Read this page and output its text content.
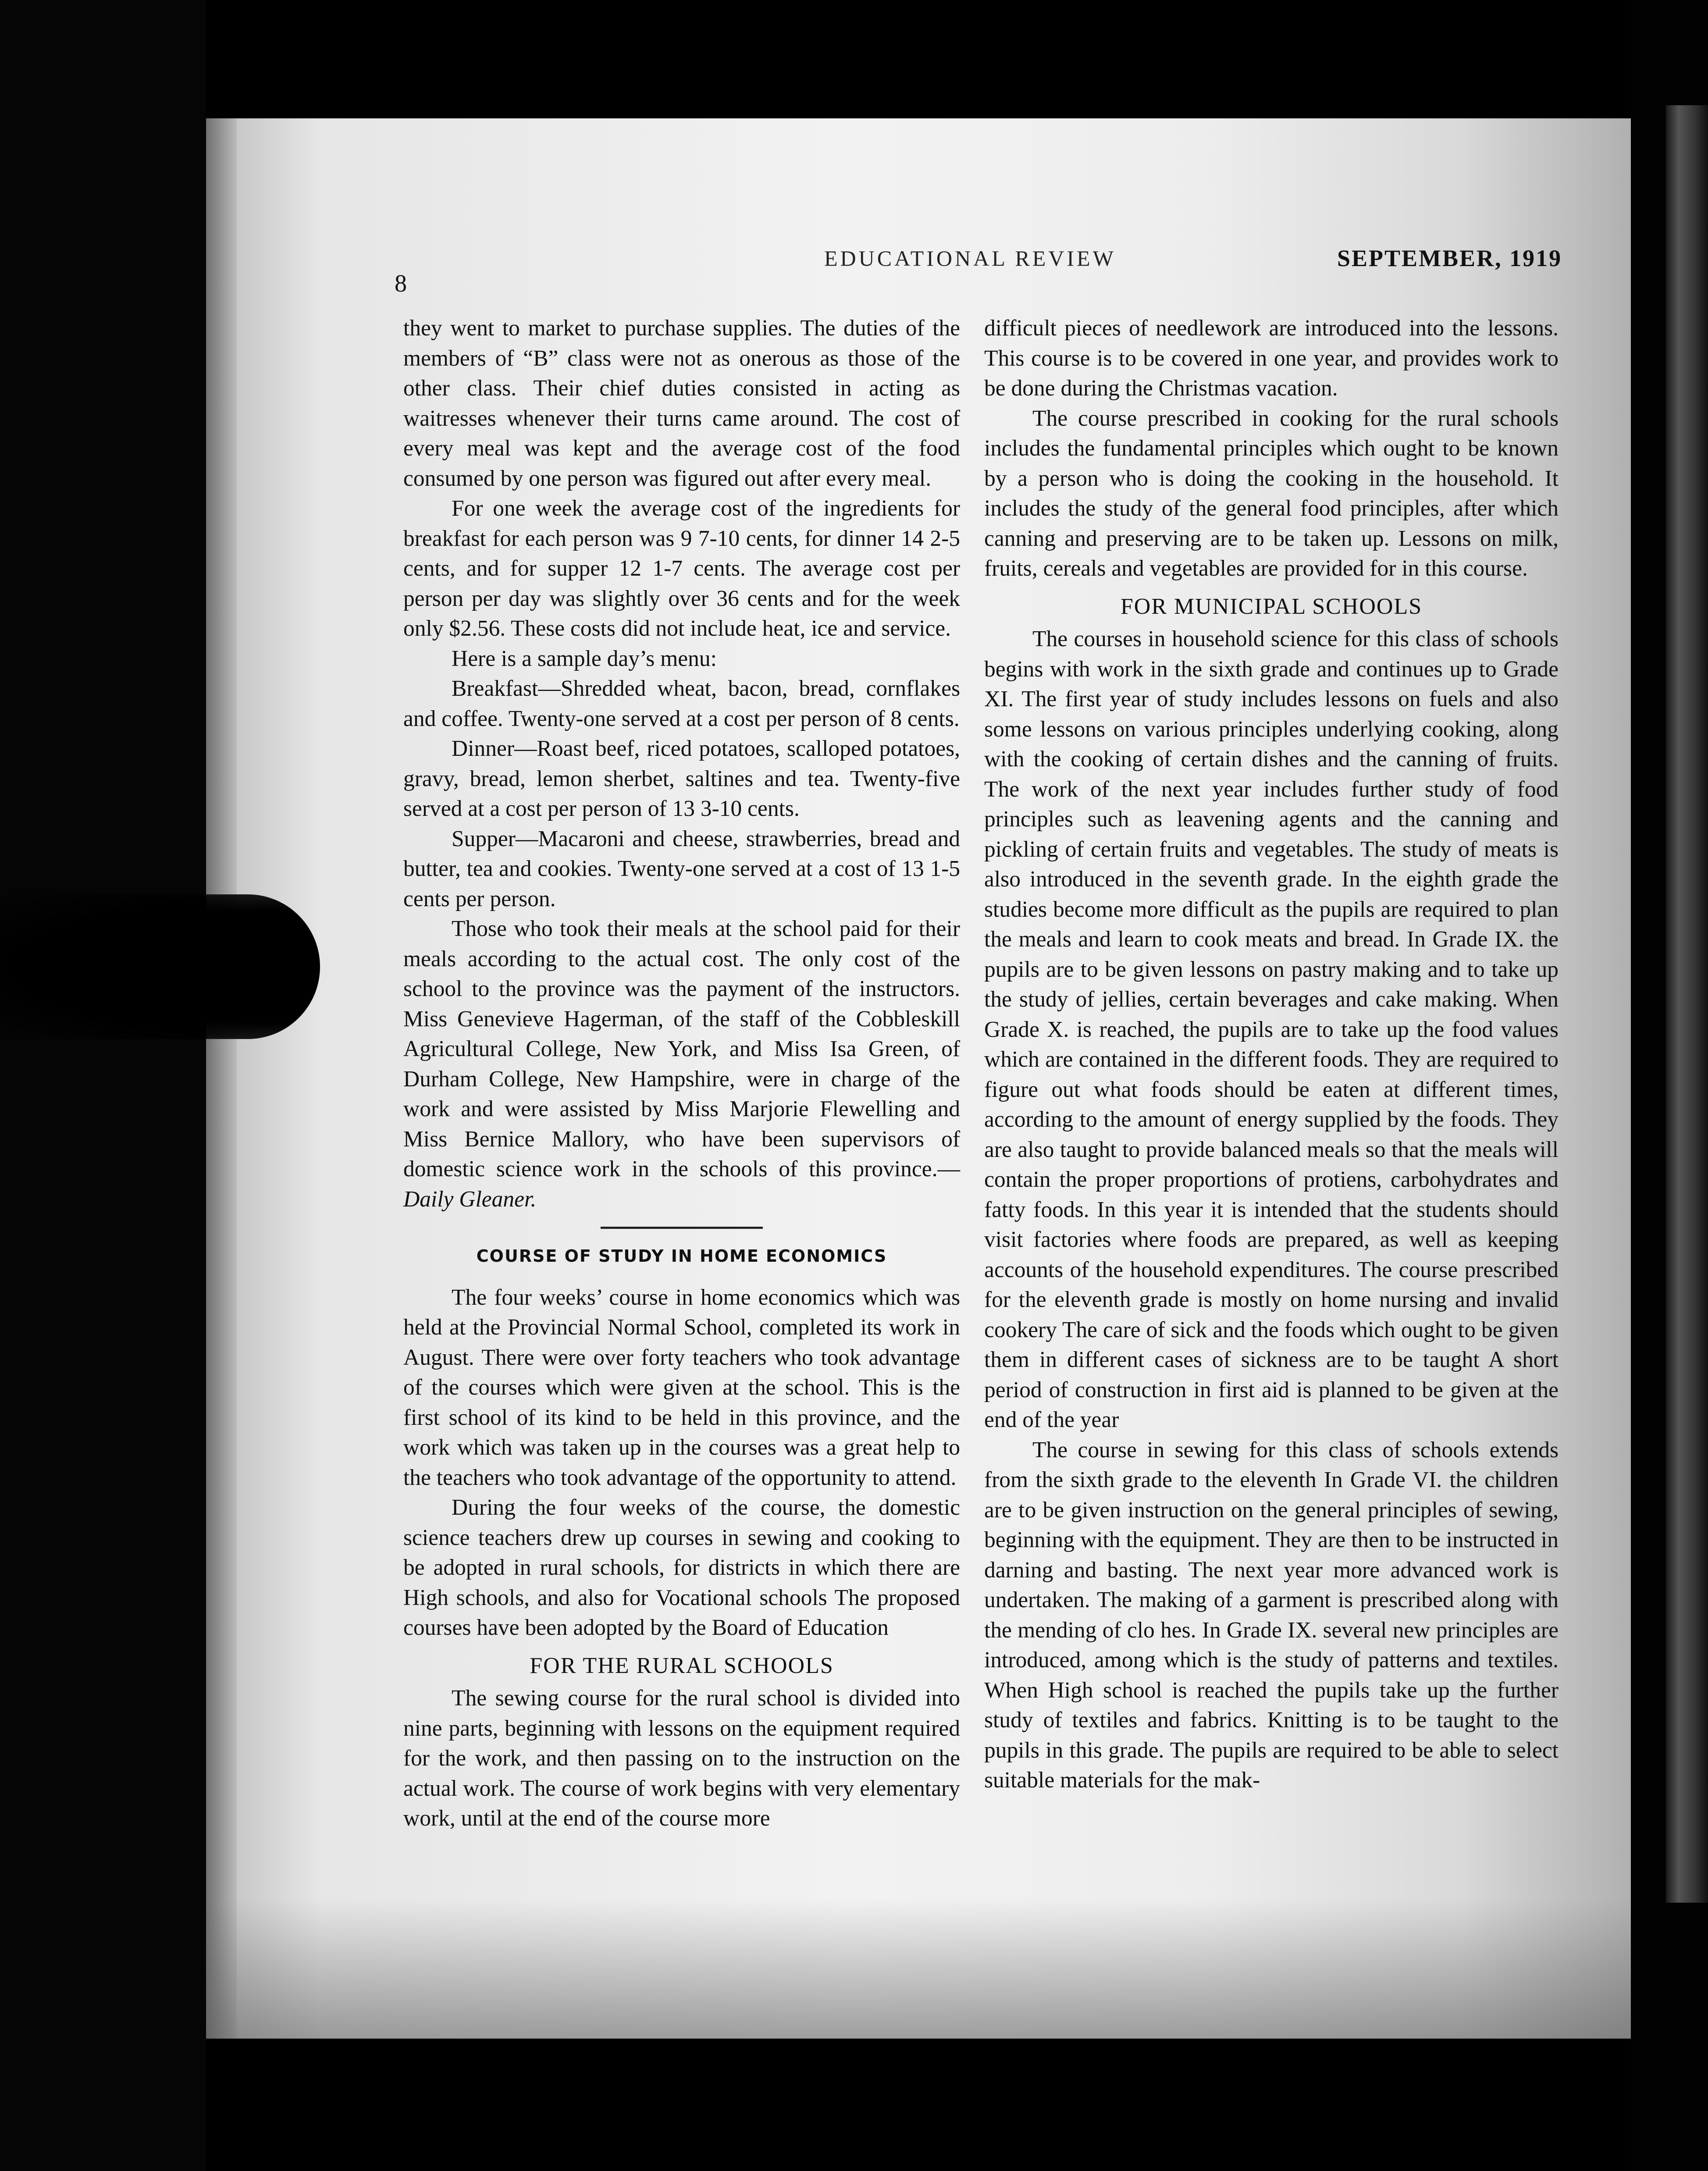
8
EDUCATIONAL REVIEW	SEPTEMBER, 1919

they went to market to purchase supplies. The duties of the members of “B” class were not as onerous as those of the other class. Their chief duties consisted in acting as waitresses whenever their turns came around. The cost of every meal was kept and the average cost of the food consumed by one person was figured out after every meal.

For one week the average cost of the ingredients for breakfast for each person was 9 7-10 cents, for dinner 14 2-5 cents, and for supper 12 1-7 cents. The average cost per person per day was slightly over 36 cents and for the week only $2.56. These costs did not include heat, ice and service.

Here is a sample day’s menu:

Breakfast—Shredded wheat, bacon, bread, cornflakes and coffee. Twenty-one served at a cost per person of 8 cents.

Dinner—Roast beef, riced potatoes, scalloped potatoes, gravy, bread, lemon sherbet, saltines and tea. Twenty-five served at a cost per person of 13 3-10 cents.

Supper—Macaroni and cheese, strawberries, bread and butter, tea and cookies. Twenty-one served at a cost of 13 1-5 cents per person.

Those who took their meals at the school paid for their meals according to the actual cost. The only cost of the school to the province was the payment of the instructors. Miss Genevieve Hagerman, of the staff of the Cobbleskill Agricultural College, New York, and Miss Isa Green, of Durham College, New Hampshire, were in charge of the work and were assisted by Miss Marjorie Flewelling and Miss Bernice Mallory, who have been supervisors of domestic science work in the schools of this province.—Daily Gleaner.

COURSE OF STUDY IN HOME ECONOMICS

The four weeks’ course in home economics which was held at the Provincial Normal School, completed its work in August. There were over forty teachers who took advantage of the courses which were given at the school. This is the first school of its kind to be held in this province, and the work which was taken up in the courses was a great help to the teachers who took advantage of the opportunity to attend.

During the four weeks of the course, the domestic science teachers drew up courses in sewing and cooking to be adopted in rural schools, for districts in which there are High schools, and also for Vocational schools The proposed courses have been adopted by the Board of Education

FOR THE RURAL SCHOOLS

The sewing course for the rural school is divided into nine parts, beginning with lessons on the equipment required for the work, and then passing on to the instruction on the actual work. The course of work begins with very elementary work, until at the end of the course more

difficult pieces of needlework are introduced into the lessons. This course is to be covered in one year, and provides work to be done during the Christmas vacation.

The course prescribed in cooking for the rural schools includes the fundamental principles which ought to be known by a person who is doing the cooking in the household. It includes the study of the general food principles, after which canning and preserving are to be taken up. Lessons on milk, fruits, cereals and vegetables are provided for in this course.

FOR MUNICIPAL SCHOOLS

The courses in household science for this class of schools begins with work in the sixth grade and continues up to Grade XI. The first year of study includes lessons on fuels and also some lessons on various principles underlying cooking, along with the cooking of certain dishes and the canning of fruits. The work of the next year includes further study of food principles such as leavening agents and the canning and pickling of certain fruits and vegetables. The study of meats is also introduced in the seventh grade. In the eighth grade the studies become more difficult as the pupils are required to plan the meals and learn to cook meats and bread. In Grade IX. the pupils are to be given lessons on pastry making and to take up the study of jellies, certain beverages and cake making. When Grade X. is reached, the pupils are to take up the food values which are contained in the different foods. They are required to figure out what foods should be eaten at different times, according to the amount of energy supplied by the foods. They are also taught to provide balanced meals so that the meals will contain the proper proportions of protiens, carbohydrates and fatty foods. In this year it is intended that the students should visit factories where foods are prepared, as well as keeping accounts of the household expenditures. The course prescribed for the eleventh grade is mostly on home nursing and invalid cookery The care of sick and the foods which ought to be given them in different cases of sickness are to be taught A short period of construction in first aid is planned to be given at the end of the year

The course in sewing for this class of schools extends from the sixth grade to the eleventh In Grade VI. the children are to be given instruction on the general principles of sewing, beginning with the equipment. They are then to be instructed in darning and basting. The next year more advanced work is undertaken. The making of a garment is prescribed along with the mending of clo hes. In Grade IX. several new principles are introduced, among which is the study of patterns and textiles. When High school is reached the pupils take up the further study of textiles and fabrics. Knitting is to be taught to the pupils in this grade. The pupils are required to be able to select suitable materials for the mak-
